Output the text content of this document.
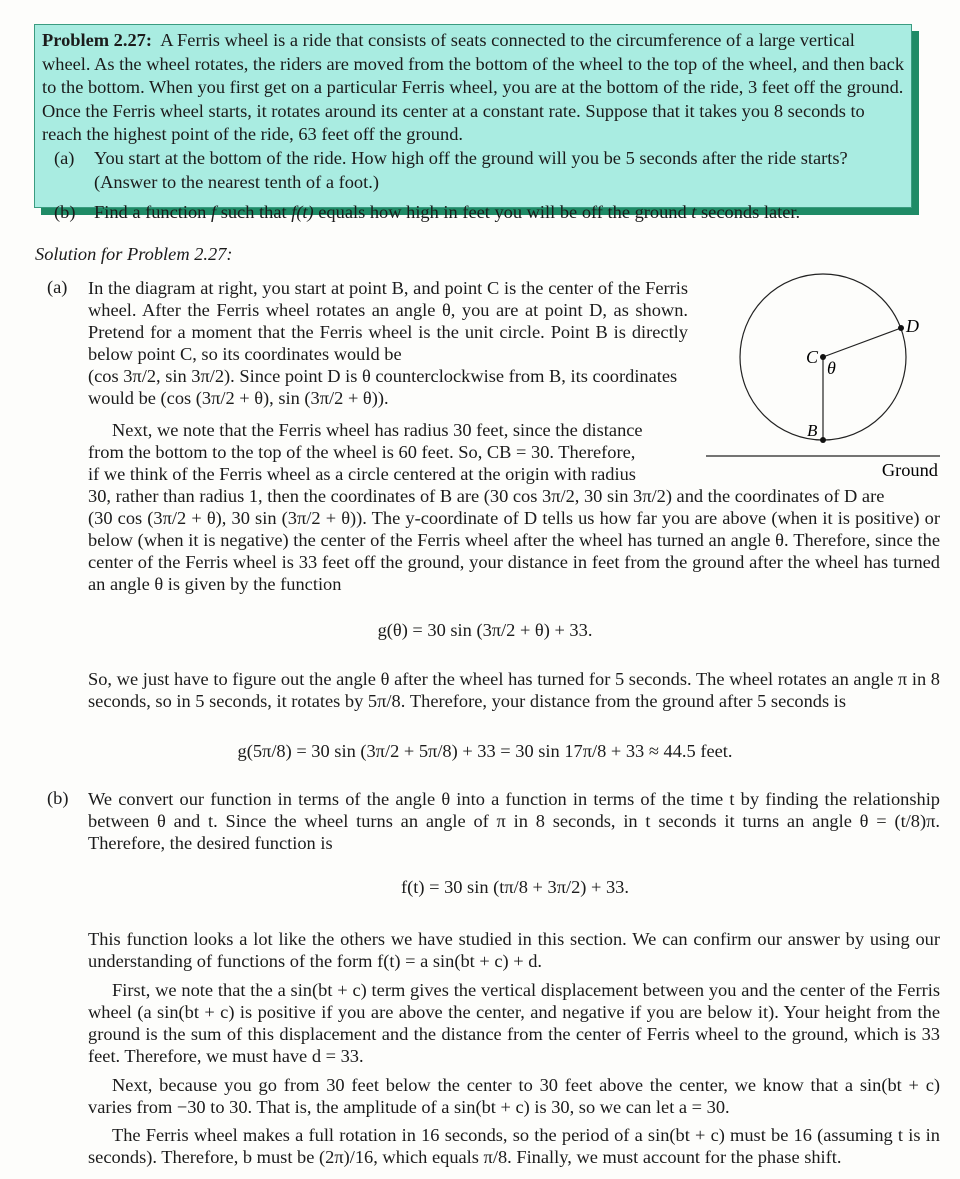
Problem 2.27: A Ferris wheel is a ride that consists of seats connected to the circumference of a large vertical wheel. As the wheel rotates, the riders are moved from the bottom of the wheel to the top of the wheel, and then back to the bottom. When you first get on a particular Ferris wheel, you are at the bottom of the ride, 3 feet off the ground. Once the Ferris wheel starts, it rotates around its center at a constant rate. Suppose that it takes you 8 seconds to reach the highest point of the ride, 63 feet off the ground.

(a) You start at the bottom of the ride. How high off the ground will you be 5 seconds after the ride starts? (Answer to the nearest tenth of a foot.)
(b) Find a function f such that f(t) equals how high in feet you will be off the ground t seconds later.
Solution for Problem 2.27:
(a) In the diagram at right, you start at point B, and point C is the center of the Ferris wheel. After the Ferris wheel rotates an angle θ, you are at point D, as shown. Pretend for a moment that the Ferris wheel is the unit circle. Point B is directly below point C, so its coordinates would be

(cos 3π/2, sin 3π/2). Since point D is θ counterclockwise from B, its coordinates

would be (cos (3π/2 + θ), sin (3π/2 + θ)).

Next, we note that the Ferris wheel has radius 30 feet, since the distance

from the bottom to the top of the wheel is 60 feet. So, CB = 30. Therefore,

if we think of the Ferris wheel as a circle centered at the origin with radius

30, rather than radius 1, then the coordinates of B are (30 cos 3π/2, 30 sin 3π/2) and the coordinates of D are

(30 cos (3π/2 + θ), 30 sin (3π/2 + θ)). The y-coordinate of D tells us how far you are above (when it is positive) or below (when it is negative) the center of the Ferris wheel after the wheel has turned an angle θ. Therefore, since the center of the Ferris wheel is 33 feet off the ground, your distance in feet from the ground after the wheel has turned an angle θ is given by the function

g(θ) = 30 sin (3π/2 + θ) + 33.

So, we just have to figure out the angle θ after the wheel has turned for 5 seconds. The wheel rotates an angle π in 8 seconds, so in 5 seconds, it rotates by 5π/8. Therefore, your distance from the ground after 5 seconds is

g(5π/8) = 30 sin (3π/2 + 5π/8) + 33 = 30 sin 17π/8 + 33 ≈ 44.5 feet.
(b) We convert our function in terms of the angle θ into a function in terms of the time t by finding the relationship between θ and t. Since the wheel turns an angle of π in 8 seconds, in t seconds it turns an angle θ = (t/8)π. Therefore, the desired function is

f(t) = 30 sin (tπ/8 + 3π/2) + 33.

This function looks a lot like the others we have studied in this section. We can confirm our answer by using our understanding of functions of the form f(t) = a sin(bt + c) + d.

First, we note that the a sin(bt + c) term gives the vertical displacement between you and the center of the Ferris wheel (a sin(bt + c) is positive if you are above the center, and negative if you are below it). Your height from the ground is the sum of this displacement and the distance from the center of Ferris wheel to the ground, which is 33 feet. Therefore, we must have d = 33.

Next, because you go from 30 feet below the center to 30 feet above the center, we know that a sin(bt + c) varies from −30 to 30. That is, the amplitude of a sin(bt + c) is 30, so we can let a = 30.

The Ferris wheel makes a full rotation in 16 seconds, so the period of a sin(bt + c) must be 16 (assuming t is in seconds). Therefore, b must be (2π)/16, which equals π/8. Finally, we must account for the phase shift.

C
θ
D
B
Ground
